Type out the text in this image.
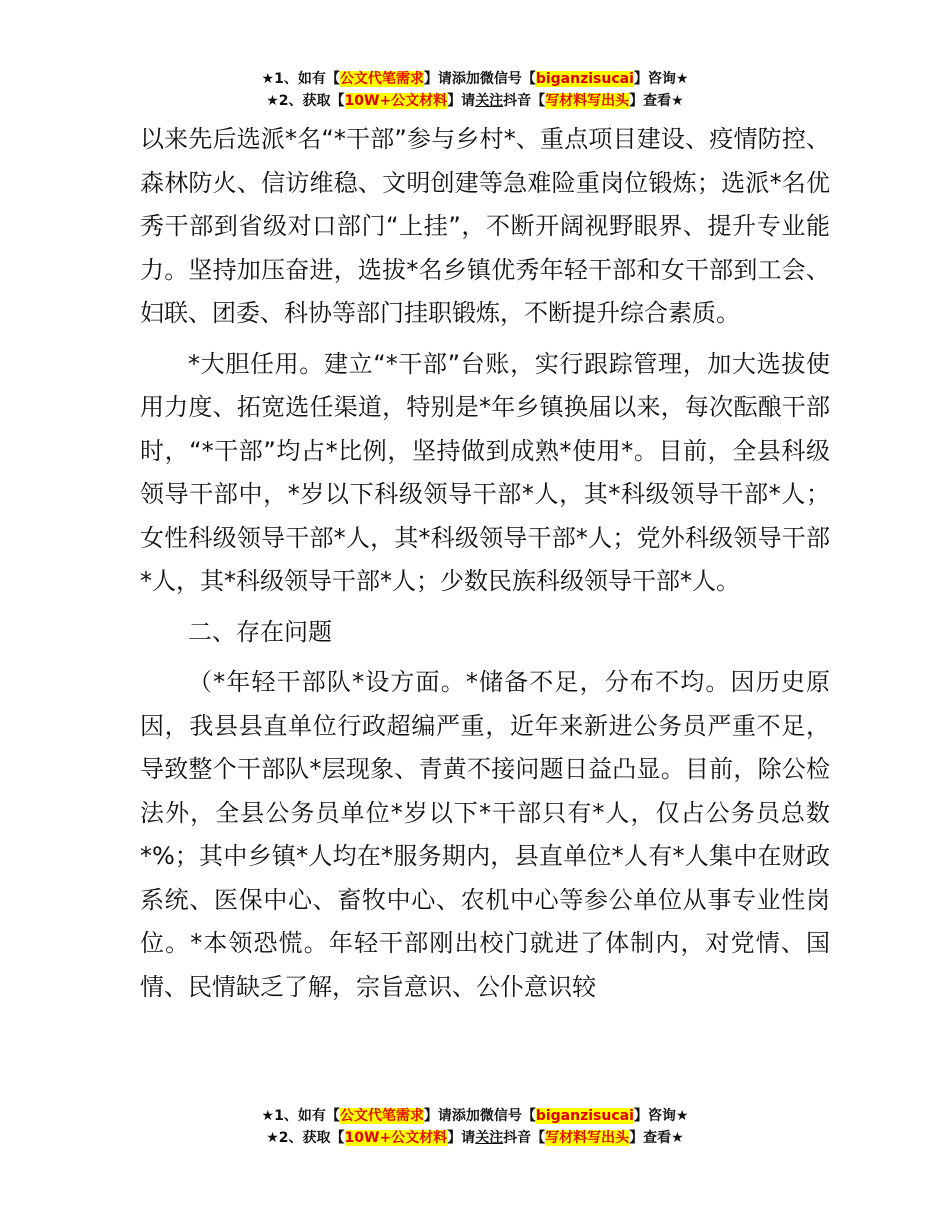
★1、如有【公文代笔需求】请添加微信号【biganzisucai】咨询★
★2、获取【10W+公文材料】请关注抖音【写材料写出头】查看★

以来先后选派*名“*干部”参与乡村*、重点项目建设、疫情防控、森林防火、信访维稳、文明创建等急难险重岗位锻炼；选派*名优秀干部到省级对口部门“上挂”，不断开阔视野眼界、提升专业能力。坚持加压奋进，选拔*名乡镇优秀年轻干部和女干部到工会、妇联、团委、科协等部门挂职锻炼，不断提升综合素质。

*大胆任用。建立“*干部”台账，实行跟踪管理，加大选拔使用力度、拓宽选任渠道，特别是*年乡镇换届以来，每次酝酿干部时，“*干部”均占*比例，坚持做到成熟*使用*。目前，全县科级领导干部中，*岁以下科级领导干部*人，其*科级领导干部*人；女性科级领导干部*人，其*科级领导干部*人；党外科级领导干部*人，其*科级领导干部*人；少数民族科级领导干部*人。

二、存在问题

（*年轻干部队*设方面。*储备不足，分布不均。因历史原因，我县县直单位行政超编严重，近年来新进公务员严重不足，导致整个干部队*层现象、青黄不接问题日益凸显。目前，除公检法外，全县公务员单位*岁以下*干部只有*人，仅占公务员总数*%；其中乡镇*人均在*服务期内，县直单位*人有*人集中在财政系统、医保中心、畜牧中心、农机中心等参公单位从事专业性岗位。*本领恐慌。年轻干部刚出校门就进了体制内，对党情、国情、民情缺乏了解，宗旨意识、公仆意识较

★1、如有【公文代笔需求】请添加微信号【biganzisucai】咨询★
★2、获取【10W+公文材料】请关注抖音【写材料写出头】查看★
